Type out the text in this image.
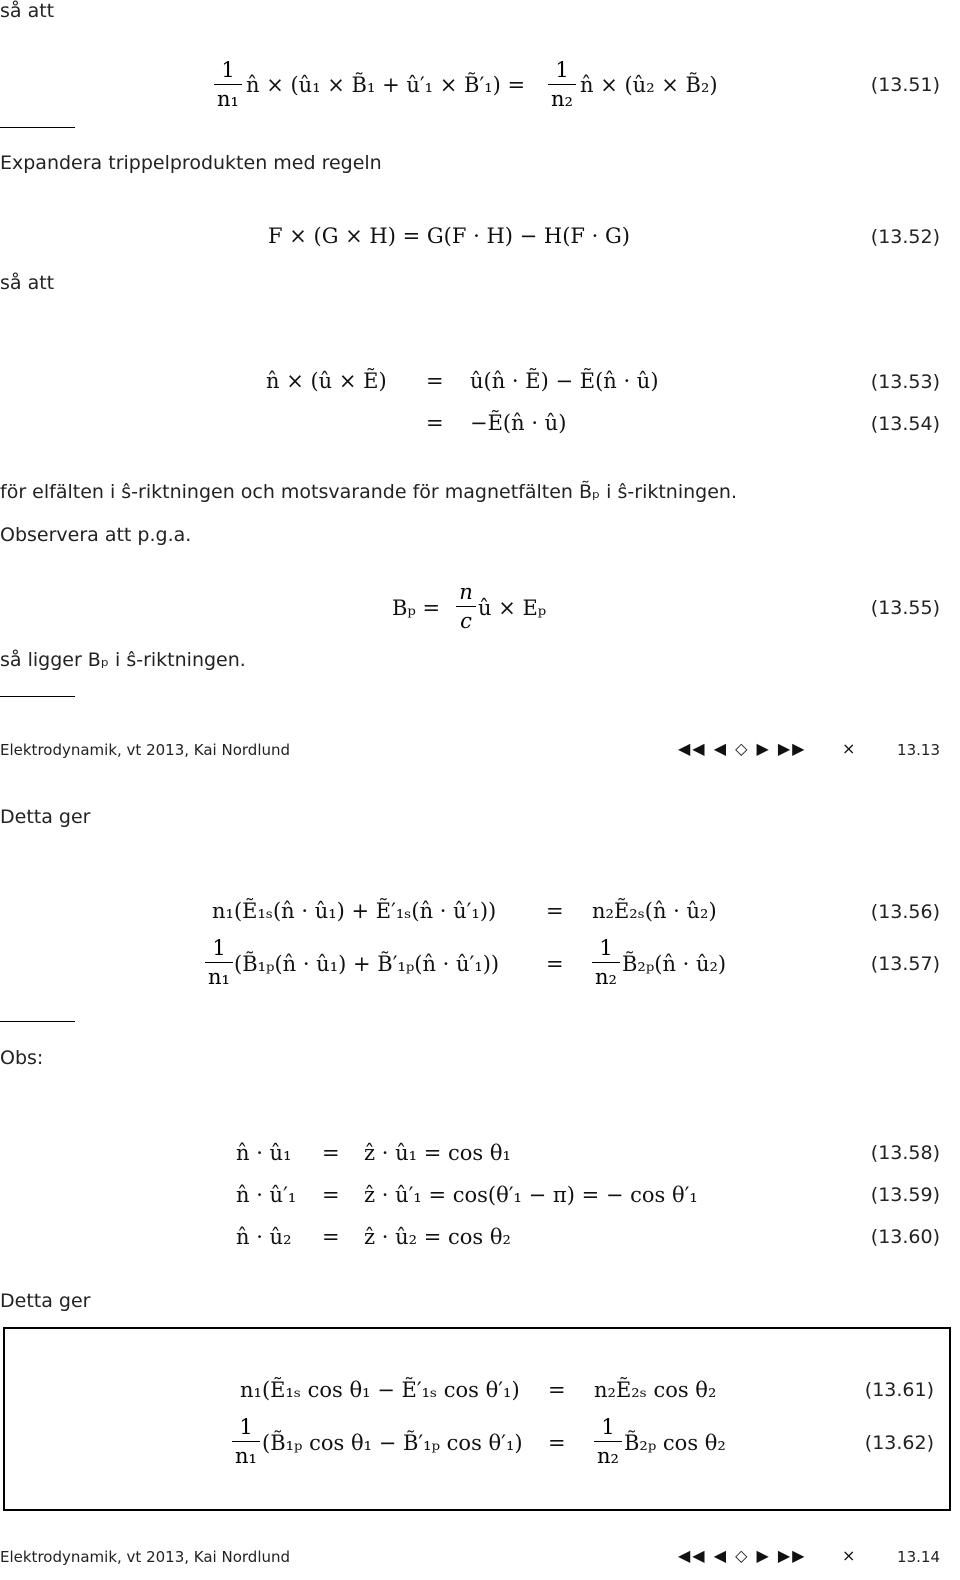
så att
1
n₁
n̂ × (û₁ × B̃₁ + û′₁ × B̃′₁) =
1
n₂
n̂ × (û₂ × B̃₂)	(13.51)
Expandera trippelprodukten med regeln
F × (G × H) = G(F · H) − H(F · G)	(13.52)
så att
n̂ × (û × Ẽ) = û(n̂ · Ẽ) − Ẽ(n̂ · û)	(13.53)
= −Ẽ(n̂ · û)	(13.54)
för elfälten i ŝ-riktningen och motsvarande för magnetfälten B̃ₚ i ŝ-riktningen.
Observera att p.g.a.
Bₚ =
n
c
û × Eₚ	(13.55)
så ligger Bₚ i ŝ-riktningen.
Elektrodynamik, vt 2013, Kai Nordlund	◀◀ ◀ ◇ ▶ ▶▶ ×	13.13
Detta ger
n₁(Ẽ₁ₛ(n̂ · û₁) + Ẽ′₁ₛ(n̂ · û′₁)) = n₂Ẽ₂ₛ(n̂ · û₂)	(13.56)
1
n₁
(B̃₁ₚ(n̂ · û₁) + B̃′₁ₚ(n̂ · û′₁)) =
1
n₂
B̃₂ₚ(n̂ · û₂)	(13.57)
Obs:
n̂ · û₁ = ẑ · û₁ = cos θ₁	(13.58)
n̂ · û′₁ = ẑ · û′₁ = cos(θ′₁ − π) = − cos θ′₁	(13.59)
n̂ · û₂ = ẑ · û₂ = cos θ₂	(13.60)
Detta ger
n₁(Ẽ₁ₛ cos θ₁ − Ẽ′₁ₛ cos θ′₁) = n₂Ẽ₂ₛ cos θ₂	(13.61)
1
n₁
(B̃₁ₚ cos θ₁ − B̃′₁ₚ cos θ′₁) =
1
n₂
B̃₂ₚ cos θ₂	(13.62)
Elektrodynamik, vt 2013, Kai Nordlund	◀◀ ◀ ◇ ▶ ▶▶ ×	13.14
